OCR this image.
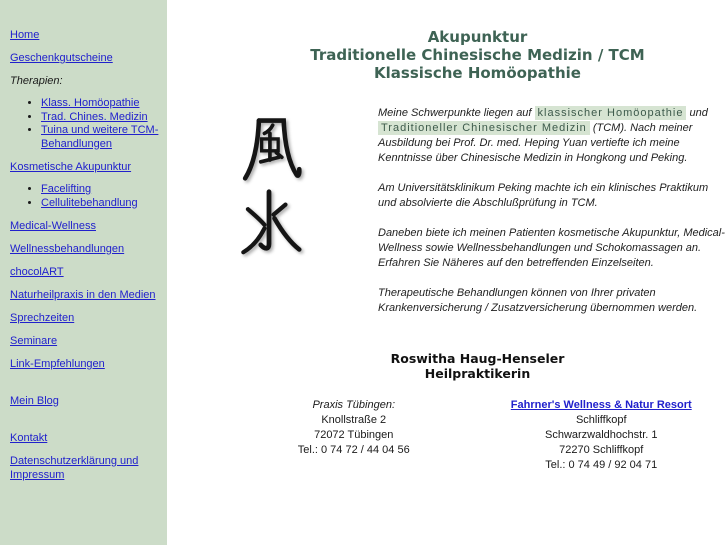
Home
Geschenkgutscheine
Therapien:
• Klass. Homöopathie
• Trad. Chines. Medizin
• Tuina und weitere TCM-Behandlungen
Kosmetische Akupunktur
• Facelifting
• Cellulitebehandlung
Medical-Wellness
Wellnessbehandlungen
chocolART
Naturheilpraxis in den Medien
Sprechzeiten
Seminare
Link-Empfehlungen
Mein Blog
Kontakt
Datenschutzerklärung und Impressum
Akupunktur
Traditionelle Chinesische Medizin / TCM
Klassische Homöopathie

Meine Schwerpunkte liegen auf klassischer Homöopathie und Traditioneller Chinesischer Medizin (TCM). Nach meiner Ausbildung bei Prof. Dr. med. Heping Yuan vertiefte ich meine Kenntnisse über Chinesische Medizin in Hongkong und Peking.

Am Universitätsklinikum Peking machte ich ein klinisches Praktikum und absolvierte die Abschlußprüfung in TCM.

Daneben biete ich meinen Patienten kosmetische Akupunktur, Medical-Wellness sowie Wellnessbehandlungen und Schokomassagen an. Erfahren Sie Näheres auf den betreffenden Einzelseiten.

Therapeutische Behandlungen können von Ihrer privaten Krankenversicherung / Zusatzversicherung übernommen werden.

Roswitha Haug-Henseler
Heilpraktikerin
Praxis Tübingen:
Knollstraße 2
72072 Tübingen
Tel.: 0 74 72 / 44 04 56
Fahrner's Wellness & Natur Resort
Schliffkopf
Schwarzwaldhochstr. 1
72270 Schliffkopf
Tel.: 0 74 49 / 92 04 71
